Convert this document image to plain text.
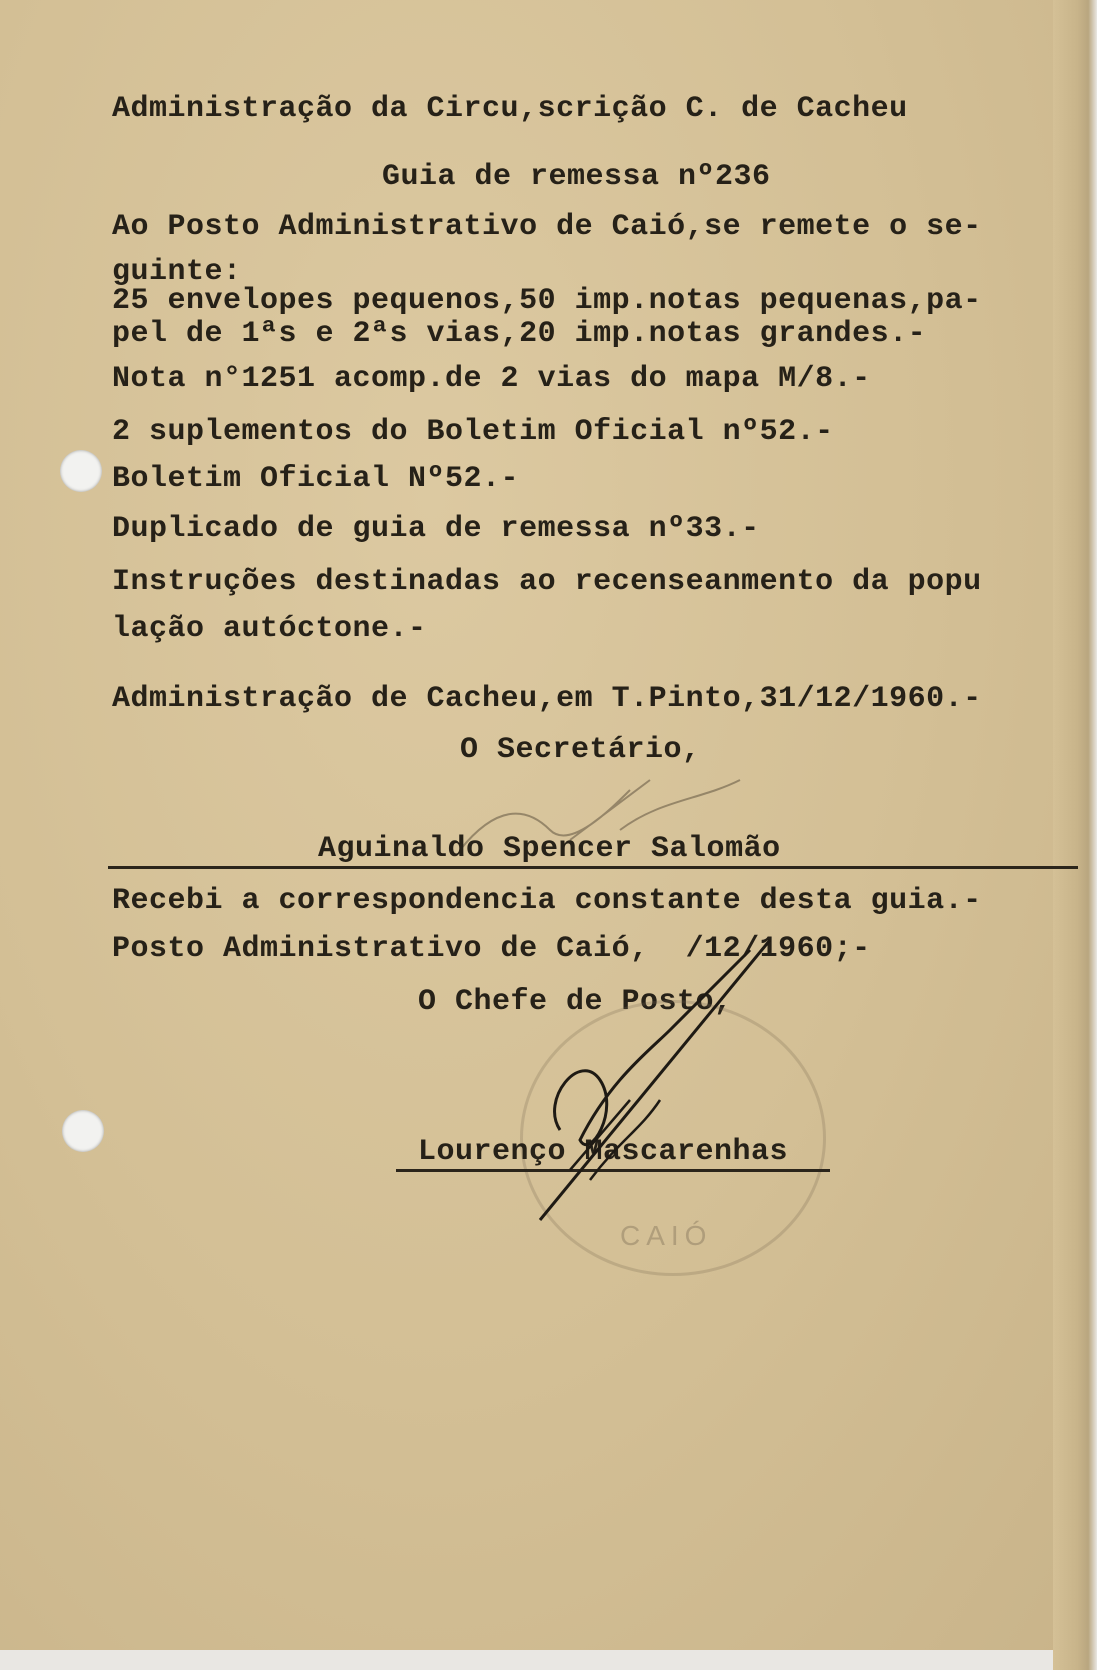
Administração da Circu,scrição C. de Cacheu

Guia de remessa nº236

Ao Posto Administrativo de Caió,se remete o se-

guinte:

25 envelopes pequenos,50 imp.notas pequenas,pa-

pel de 1ªs e 2ªs vias,20 imp.notas grandes.-

Nota n°1251 acomp.de 2 vias do mapa M/8.-

2 suplementos do Boletim Oficial nº52.-

Boletim Oficial Nº52.-

Duplicado de guia de remessa nº33.-

Instruções destinadas ao recenseanmento da popu

lação autóctone.-

Administração de Cacheu,em T.Pinto,31/12/1960.-

O Secretário,

Aguinaldo Spencer Salomão

Recebi a correspondencia constante desta guia.-

Posto Administrativo de Caió,  /12/1960;-

O Chefe de Posto,

CAIÓ

Lourenço Mascarenhas
